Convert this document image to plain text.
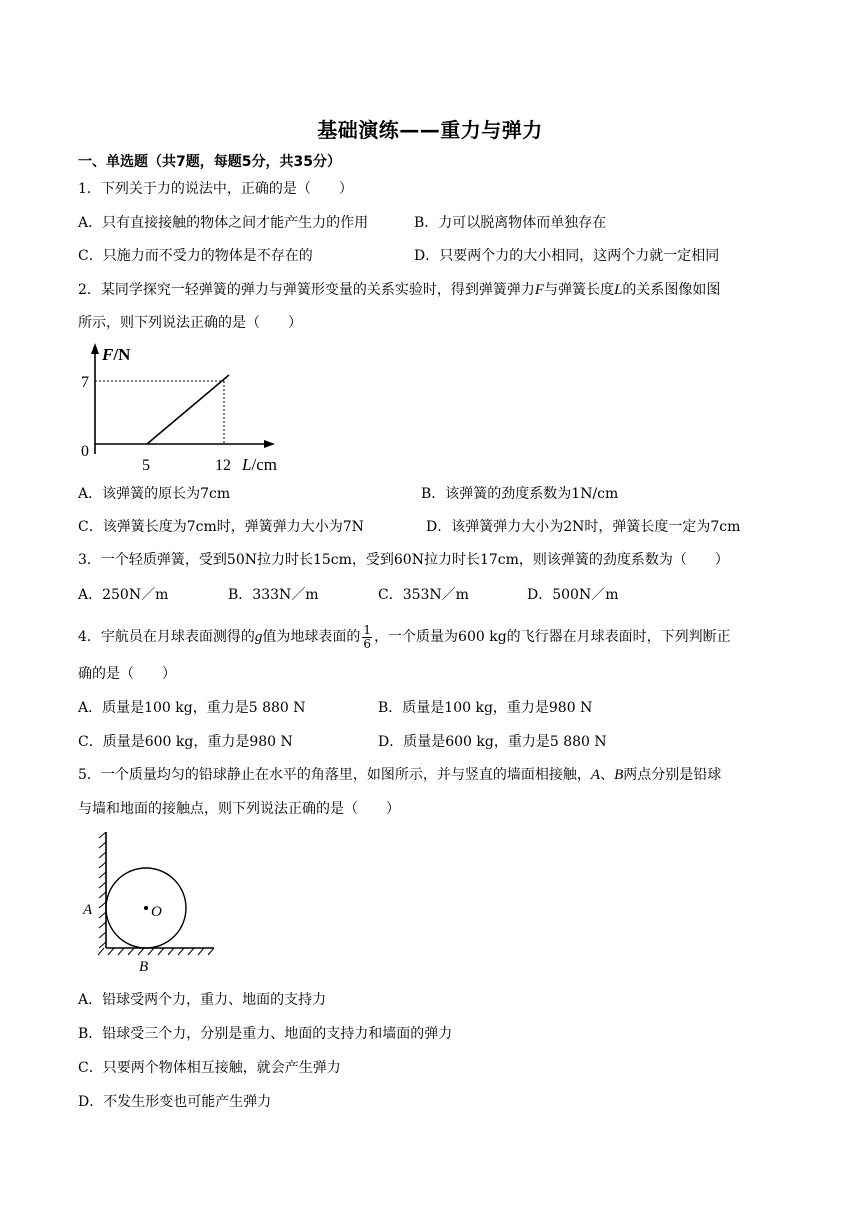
基础演练——重力与弹力
一、单选题（共7题，每题5分，共35分）
1．下列关于力的说法中，正确的是（　　）
A．只有直接接触的物体之间才能产生力的作用	B．力可以脱离物体而单独存在
C．只施力而不受力的物体是不存在的	D．只要两个力的大小相同，这两个力就一定相同
2．某同学探究一轻弹簧的弹力与弹簧形变量的关系实验时，得到弹簧弹力F与弹簧长度L的关系图像如图
所示，则下列说法正确的是（　　）
F/N
7
0
5	12 L/cm
A．该弹簧的原长为7cm	B．该弹簧的劲度系数为1N/cm
C．该弹簧长度为7cm时，弹簧弹力大小为7N	D．该弹簧弹力大小为2N时，弹簧长度一定为7cm
3．一个轻质弹簧，受到50N拉力时长15cm，受到60N拉力时长17cm，则该弹簧的劲度系数为（　　）
A．250N／m	B．333N／m	C．353N／m	D．500N／m
4．宇航员在月球表面测得的g值为地球表面的 $\frac{1}{6}$ ，一个质量为600 kg的飞行器在月球表面时，下列判断正
确的是（　　）
A．质量是100 kg，重力是5 880 N	B．质量是100 kg，重力是980 N
C．质量是600 kg，重力是980 N	D．质量是600 kg，重力是5 880 N
5．一个质量均匀的铅球静止在水平的角落里，如图所示，并与竖直的墙面相接触，A、B两点分别是铅球
与墙和地面的接触点，则下列说法正确的是（　　）
O
A
B
A．铅球受两个力，重力、地面的支持力
B．铅球受三个力，分别是重力、地面的支持力和墙面的弹力
C．只要两个物体相互接触，就会产生弹力
D．不发生形变也可能产生弹力
